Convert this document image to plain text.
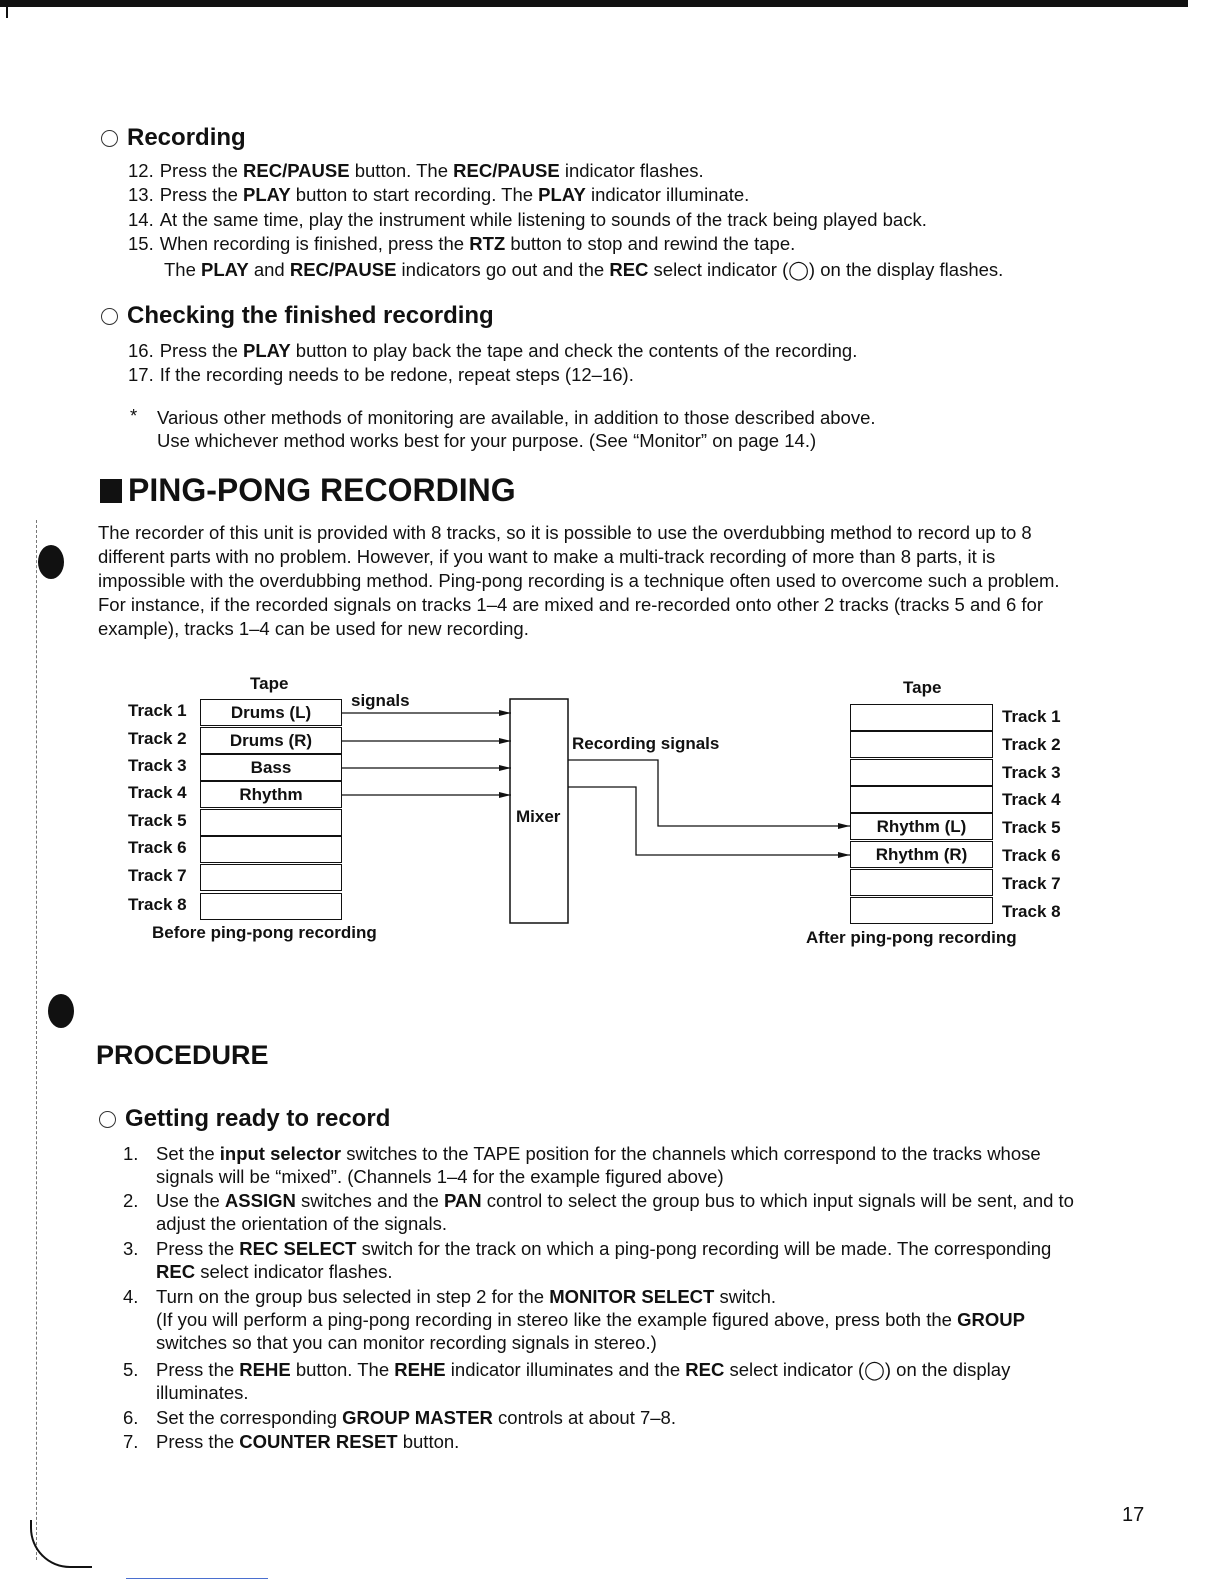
Recording
12. Press the REC/PAUSE button. The REC/PAUSE indicator flashes.
13. Press the PLAY button to start recording. The PLAY indicator illuminate.
14. At the same time, play the instrument while listening to sounds of the track being played back.
15. When recording is finished, press the RTZ button to stop and rewind the tape.
The PLAY and REC/PAUSE indicators go out and the REC select indicator (◯) on the display flashes.
Checking the finished recording
16. Press the PLAY button to play back the tape and check the contents of the recording.
17. If the recording needs to be redone, repeat steps (12–16).
* Various other methods of monitoring are available, in addition to those described above.
Use whichever method works best for your purpose. (See “Monitor” on page 14.)
PING-PONG RECORDING
The recorder of this unit is provided with 8 tracks, so it is possible to use the overdubbing method to record up to 8
different parts with no problem. However, if you want to make a multi-track recording of more than 8 parts, it is
impossible with the overdubbing method. Ping-pong recording is a technique often used to overcome such a problem.
For instance, if the recorded signals on tracks 1–4 are mixed and re-recorded onto other 2 tracks (tracks 5 and 6 for
example), tracks 1–4 can be used for new recording.
Tape	Tape
signals
Recording signals
Mixer
Track 1
Track 2
Track 3
Track 4
Track 5
Track 6
Track 7
Track 8
Drums (L)
Drums (R)
Bass
Rhythm
Rhythm (L)
Rhythm (R)
Track 1
Track 2
Track 3
Track 4
Track 5
Track 6
Track 7
Track 8
Before ping-pong recording	After ping-pong recording
PROCEDURE
Getting ready to record
Set the input selector switches to the TAPE position for the channels which correspond to the tracks whose
signals will be “mixed”. (Channels 1–4 for the example figured above)
1.
Use the ASSIGN switches and the PAN control to select the group bus to which input signals will be sent, and to
adjust the orientation of the signals.
2.
Press the REC SELECT switch for the track on which a ping-pong recording will be made. The corresponding
REC select indicator flashes.
3.
Turn on the group bus selected in step 2 for the MONITOR SELECT switch.
(If you will perform a ping-pong recording in stereo like the example figured above, press both the GROUP
switches so that you can monitor recording signals in stereo.)
4.
Press the REHE button. The REHE indicator illuminates and the REC select indicator (◯) on the display
illuminates.
5.
Set the corresponding GROUP MASTER controls at about 7–8.
6.
Press the COUNTER RESET button.
7.
17
